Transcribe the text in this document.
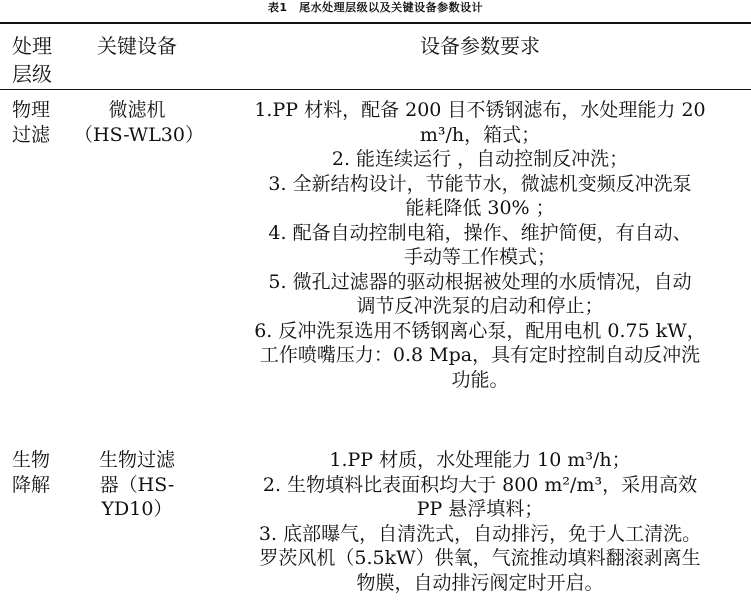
表1　尾水处理层级以及关键设备参数设计
处理
层级
关键设备	设备参数要求
物理
过滤
微滤机
（HS-WL30）
1.PP 材料，配备 200 目不锈钢滤布，水处理能力 20
m³/h，箱式；
2. 能连续运行 ，自动控制反冲洗；
3. 全新结构设计，节能节水，微滤机变频反冲洗泵
能耗降低 30% ；
4. 配备自动控制电箱，操作、维护简便，有自动、
手动等工作模式；
5. 微孔过滤器的驱动根据被处理的水质情况，自动
调节反冲洗泵的启动和停止；
6. 反冲洗泵选用不锈钢离心泵，配用电机 0.75 kW，
工作喷嘴压力：0.8 Mpa，具有定时控制自动反冲洗
功能。
生物
降解
生物过滤
器（HS-
YD10）
1.PP 材质，水处理能力 10 m³/h；
2. 生物填料比表面积均大于 800 m²/m³，采用高效
PP 悬浮填料；
3. 底部曝气，自清洗式，自动排污，免于人工清洗。
罗茨风机（5.5kW）供氧，气流推动填料翻滚剥离生
物膜，自动排污阀定时开启。
